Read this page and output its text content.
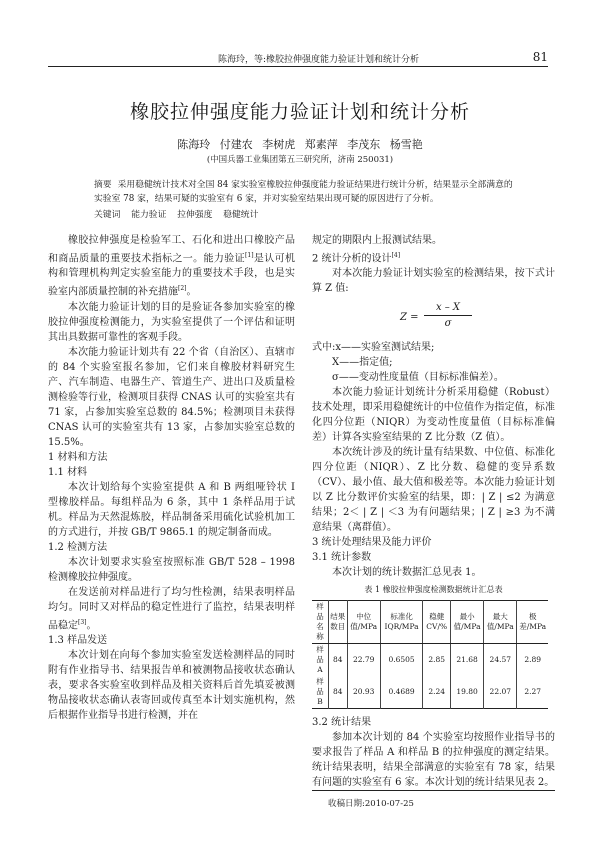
陈海玲，等:橡胶拉伸强度能力验证计划和统计分析	81
橡胶拉伸强度能力验证计划和统计分析
陈海玲 付建农 李树虎 郑素萍 李茂东 杨雪艳
(中国兵器工业集团第五三研究所，济南 250031)
摘要 采用稳健统计技术对全国 84 家实验室橡胶拉伸强度能力验证结果进行统计分析，结果显示全部满意的实验室 78 家，结果可疑的实验室有 6 家，并对实验室结果出现可疑的原因进行了分析。
关键词 能力验证 拉伸强度 稳健统计

橡胶拉伸强度是检验军工、石化和进出口橡胶产品和商品质量的重要技术指标之一。能力验证[1]是认可机构和管理机构判定实验室能力的重要技术手段，也是实验室内部质量控制的补充措施[2]。

本次能力验证计划的目的是验证各参加实验室的橡胶拉伸强度检测能力，为实验室提供了一个评估和证明其出具数据可靠性的客观手段。

本次能力验证计划共有 22 个省（自治区）、直辖市的 84 个实验室报名参加，它们来自橡胶材料研究生产、汽车制造、电器生产、管道生产、进出口及质量检测检验等行业，检测项目获得 CNAS 认可的实验室共有 71 家，占参加实验室总数的 84.5%；检测项目未获得 CNAS 认可的实验室共有 13 家，占参加实验室总数的 15.5%。

1 材料和方法

1.1 材料

本次计划给每个实验室提供 A 和 B 两组哑铃状 I 型橡胶样品。每组样品为 6 条，其中 1 条样品用于试机。样品为天然混炼胶，样品制备采用硫化试验机加工的方式进行，并按 GB/T 9865.1 的规定制备而成。

1.2 检测方法

本次计划要求实验室按照标准 GB/T 528 – 1998 检测橡胶拉伸强度。

在发送前对样品进行了均匀性检测，结果表明样品均匀。同时又对样品的稳定性进行了监控，结果表明样品稳定[3]。

1.3 样品发送

本次计划在向每个参加实验室发送检测样品的同时附有作业指导书、结果报告单和被测物品接收状态确认表，要求各实验室收到样品及相关资料后首先填妥被测物品接收状态确认表寄回或传真至本计划实施机构，然后根据作业指导书进行检测，并在

规定的期限内上报测试结果。

2 统计分析的设计[4]

对本次能力验证计划实验室的检测结果，按下式计算 Z 值:

$Z = \frac{x - X}{\sigma}$

式中:x——实验室测试结果;

X——指定值;

σ——变动性度量值（目标标准偏差）。

本次能力验证计划统计分析采用稳健（Robust）技术处理，即采用稳健统计的中位值作为指定值，标准化四分位距（NIQR）为变动性度量值（目标标准偏差）计算各实验室结果的 Z 比分数（Z 值）。

本次统计涉及的统计量有结果数、中位值、标准化四分位距（NIQR）、Z 比分数、稳健的变异系数（CV）、最小值、最大值和极差等。本次能力验证计划以 Z 比分数评价实验室的结果，即：| Z | ≤2 为满意结果；2＜ | Z | ＜3 为有问题结果；| Z | ≥3 为不满意结果（离群值）。

3 统计处理结果及能力评价

3.1 统计参数

本次计划的统计数据汇总见表 1。

表 1 橡胶拉伸强度检测数据统计汇总表
样品名称	结果数目	中位值/MPa	标准化 IQR/MPa	稳健 CV/%	最小值/MPa	最大值/MPa	极差/MPa
样品 A	84	22.79	0.6505	2.85	21.68	24.57	2.89
样品 B	84	20.93	0.4689	2.24	19.80	22.07	2.27

3.2 统计结果

参加本次计划的 84 个实验室均按照作业指导书的要求报告了样品 A 和样品 B 的拉伸强度的测定结果。统计结果表明，结果全部满意的实验室有 78 家，结果有问题的实验室有 6 家。本次计划的统计结果见表 2。

收稿日期:2010-07-25
